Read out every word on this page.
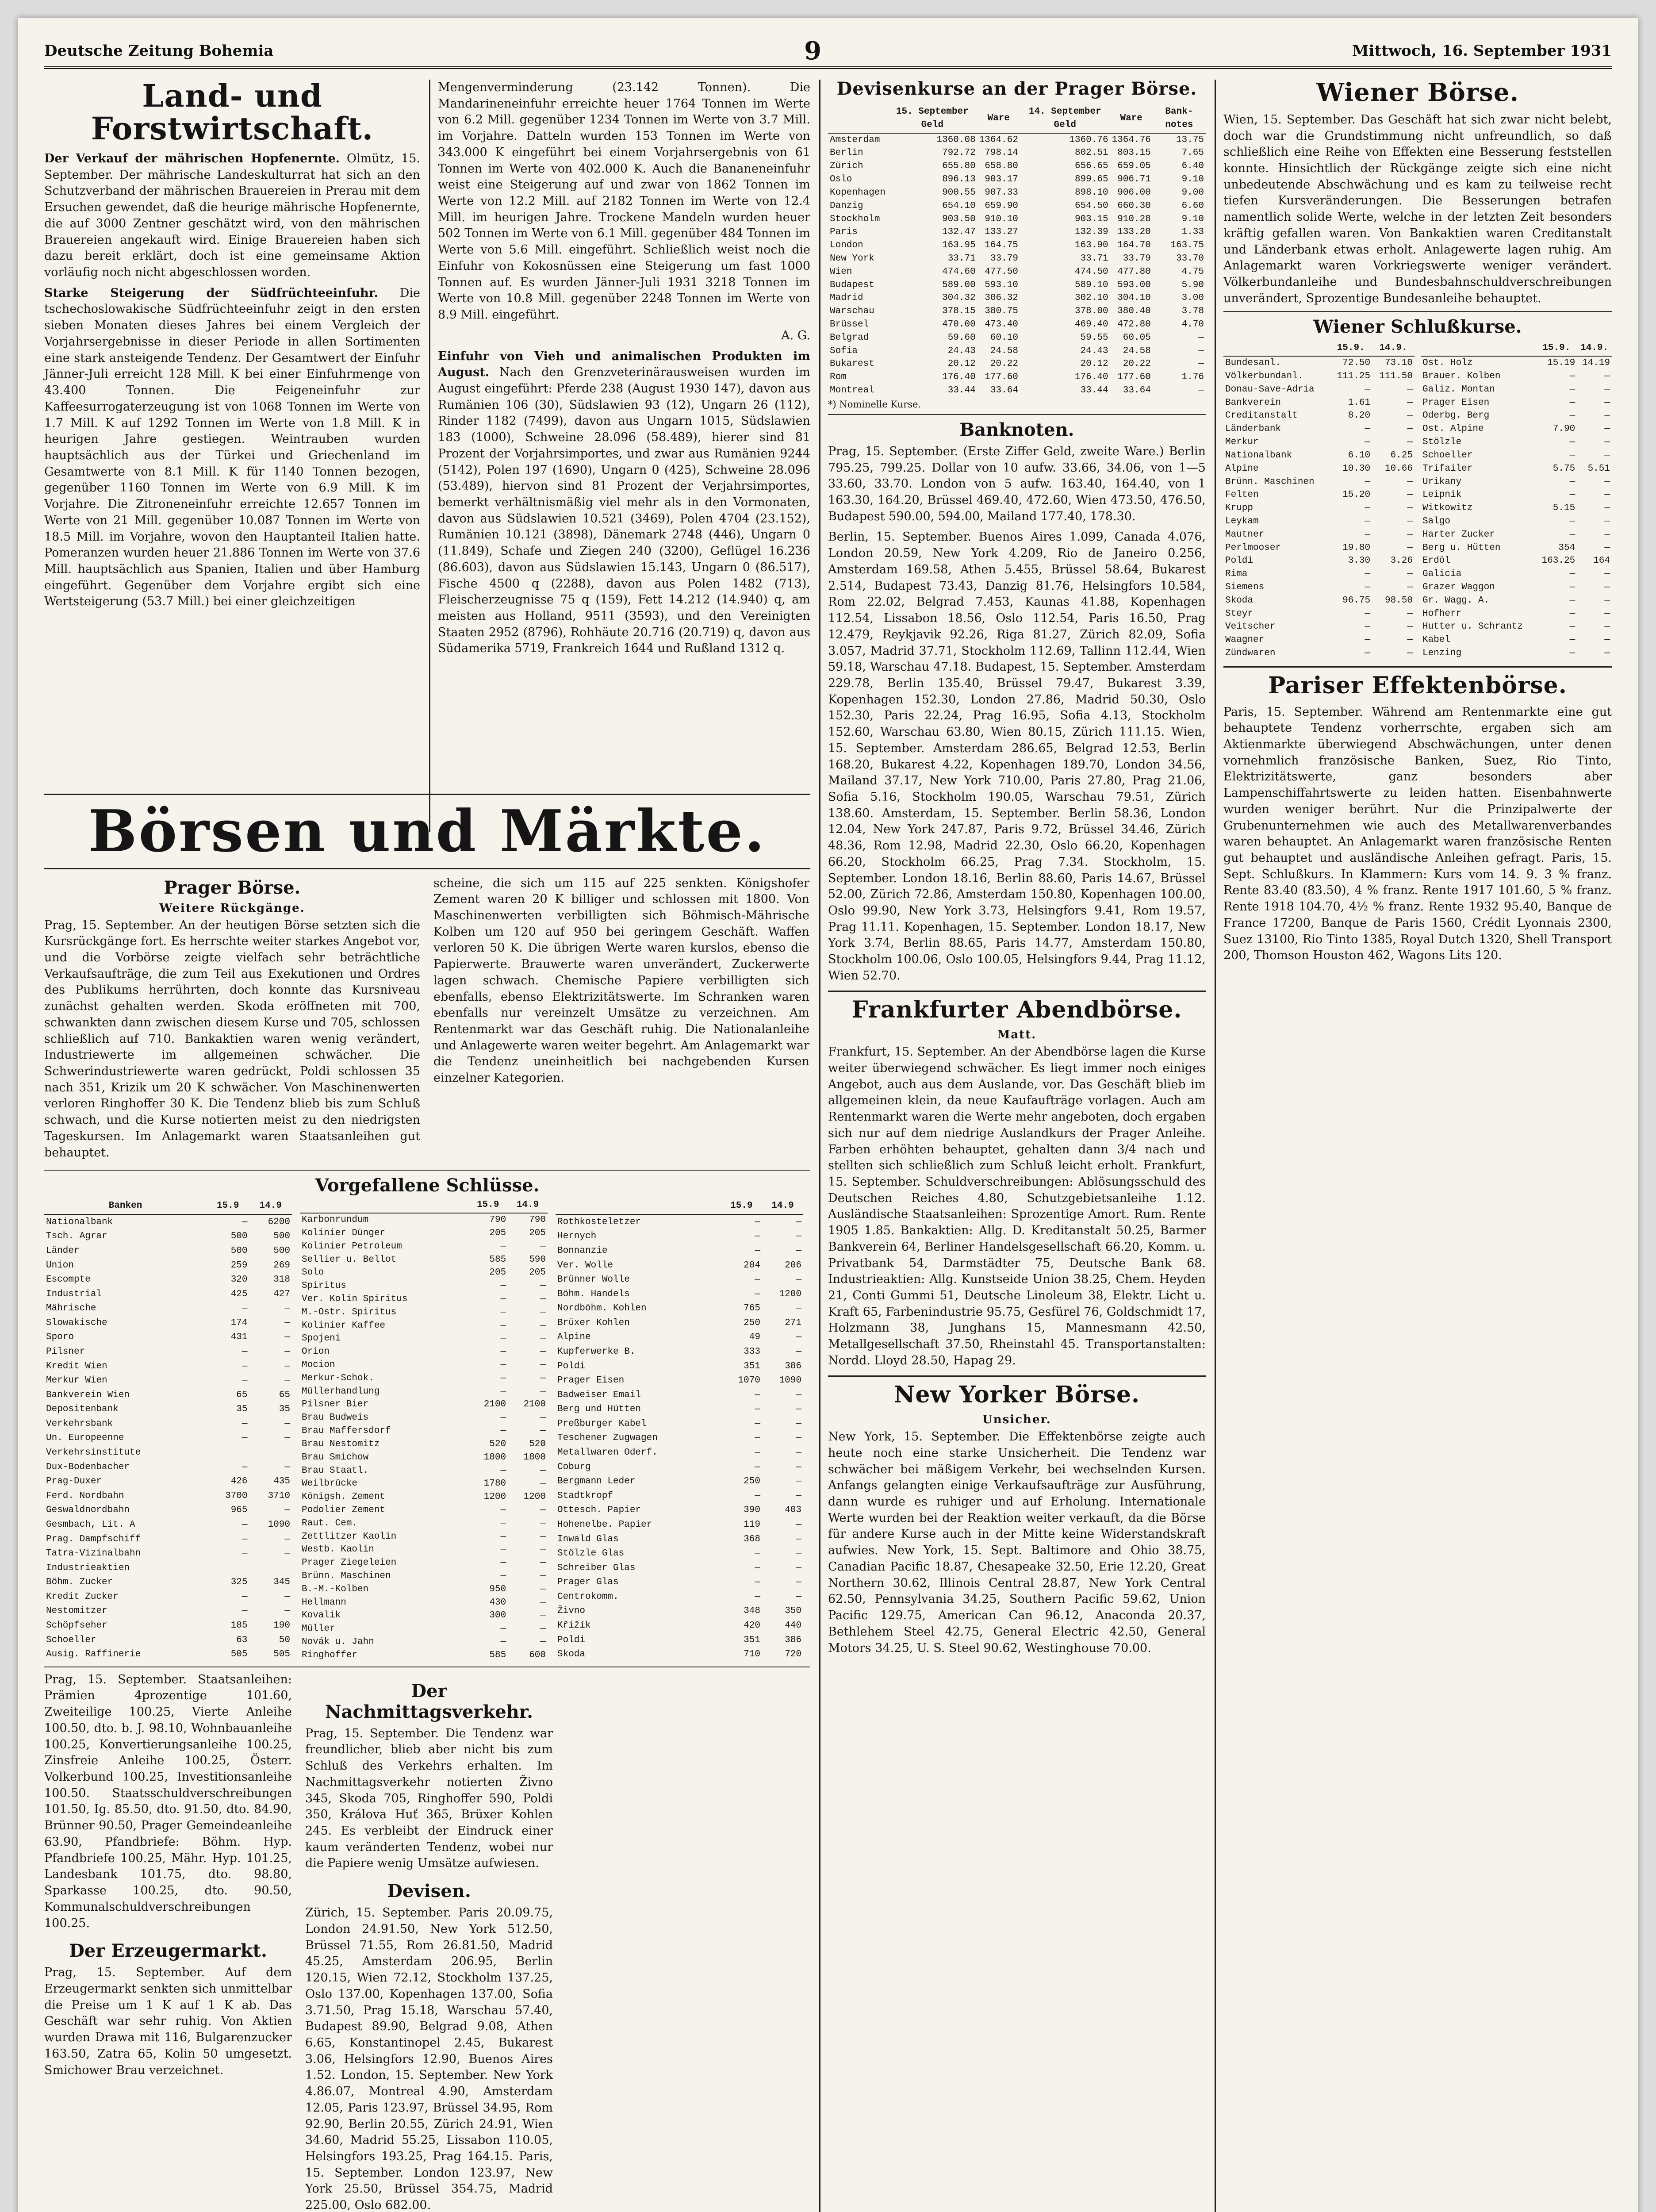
Deutsche Zeitung Bohemia	9	Mittwoch, 16. September 1931
Land- und Forstwirtschaft.

Der Verkauf der mährischen Hopfenernte. Olmütz, 15. September. Der mährische Landeskulturrat hat sich an den Schutzverband der mährischen Brauereien in Prerau mit dem Ersuchen gewendet, daß die heurige mährische Hopfenernte, die auf 3000 Zentner geschätzt wird, von den mährischen Brauereien angekauft wird. Einige Brauereien haben sich dazu bereit erklärt, doch ist eine gemeinsame Aktion vorläufig noch nicht abgeschlossen worden.

Starke Steigerung der Südfrüchteeinfuhr. Die tschechoslowakische Südfrüchteeinfuhr zeigt in den ersten sieben Monaten dieses Jahres bei einem Vergleich der Vorjahrsergebnisse in dieser Periode in allen Sortimenten eine stark ansteigende Tendenz. Der Gesamtwert der Einfuhr Jänner-Juli erreicht 128 Mill. K bei einer Einfuhrmenge von 43.400 Tonnen. Die Feigeneinfuhr zur Kaffeesurrogaterzeugung ist von 1068 Tonnen im Werte von 1.7 Mill. K auf 1292 Tonnen im Werte von 1.8 Mill. K in heurigen Jahre gestiegen. Weintrauben wurden hauptsächlich aus der Türkei und Griechenland im Gesamtwerte von 8.1 Mill. K für 1140 Tonnen bezogen, gegenüber 1160 Tonnen im Werte von 6.9 Mill. K im Vorjahre. Die Zitroneneinfuhr erreichte 12.657 Tonnen im Werte von 21 Mill. gegenüber 10.087 Tonnen im Werte von 18.5 Mill. im Vorjahre, wovon den Hauptanteil Italien hatte. Pomeranzen wurden heuer 21.886 Tonnen im Werte von 37.6 Mill. hauptsächlich aus Spanien, Italien und über Hamburg eingeführt. Gegenüber dem Vorjahre ergibt sich eine Wertsteigerung (53.7 Mill.) bei einer gleichzeitigen

Mengenverminderung (23.142 Tonnen). Die Mandarineneinfuhr erreichte heuer 1764 Tonnen im Werte von 6.2 Mill. gegenüber 1234 Tonnen im Werte von 3.7 Mill. im Vorjahre. Datteln wurden 153 Tonnen im Werte von 343.000 K eingeführt bei einem Vorjahrsergebnis von 61 Tonnen im Werte von 402.000 K. Auch die Bananeneinfuhr weist eine Steigerung auf und zwar von 1862 Tonnen im Werte von 12.2 Mill. auf 2182 Tonnen im Werte von 12.4 Mill. im heurigen Jahre. Trockene Mandeln wurden heuer 502 Tonnen im Werte von 6.1 Mill. gegenüber 484 Tonnen im Werte von 5.6 Mill. eingeführt. Schließlich weist noch die Einfuhr von Kokosnüssen eine Steigerung um fast 1000 Tonnen auf. Es wurden Jänner-Juli 1931 3218 Tonnen im Werte von 10.8 Mill. gegenüber 2248 Tonnen im Werte von 8.9 Mill. eingeführt.

A. G.

Einfuhr von Vieh und animalischen Produkten im August. Nach den Grenzveterinärausweisen wurden im August eingeführt: Pferde 238 (August 1930 147), davon aus Rumänien 106 (30), Südslawien 93 (12), Ungarn 26 (112), Rinder 1182 (7499), davon aus Ungarn 1015, Südslawien 183 (1000), Schweine 28.096 (58.489), hierer sind 81 Prozent der Vorjahrsimportes, und zwar aus Rumänien 9244 (5142), Polen 197 (1690), Ungarn 0 (425), Schweine 28.096 (53.489), hiervon sind 81 Prozent der Verjahrsimportes, bemerkt verhältnismäßig viel mehr als in den Vormonaten, davon aus Südslawien 10.521 (3469), Polen 4704 (23.152), Rumänien 10.121 (3898), Dänemark 2748 (446), Ungarn 0 (11.849), Schafe und Ziegen 240 (3200), Geflügel 16.236 (86.603), davon aus Südslawien 15.143, Ungarn 0 (86.517), Fische 4500 q (2288), davon aus Polen 1482 (713), Fleischerzeugnisse 75 q (159), Fett 14.212 (14.940) q, am meisten aus Holland, 9511 (3593), und den Vereinigten Staaten 2952 (8796), Rohhäute 20.716 (20.719) q, davon aus Südamerika 5719, Frankreich 1644 und Rußland 1312 q.

Börsen und Märkte.
Prager Börse.
Weitere Rückgänge.

Prag, 15. September. An der heutigen Börse setzten sich die Kursrückgänge fort. Es herrschte weiter starkes Angebot vor, und die Vorbörse zeigte vielfach sehr beträchtliche Verkaufsaufträge, die zum Teil aus Exekutionen und Ordres des Publikums herrührten, doch konnte das Kursniveau zunächst gehalten werden. Skoda eröffneten mit 700, schwankten dann zwischen diesem Kurse und 705, schlossen schließlich auf 710. Bankaktien waren wenig verändert, Industriewerte im allgemeinen schwächer. Die Schwerindustriewerte waren gedrückt, Poldi schlossen 35 nach 351, Krizik um 20 K schwächer. Von Maschinenwerten verloren Ringhoffer 30 K. Die Tendenz blieb bis zum Schluß schwach, und die Kurse notierten meist zu den niedrigsten Tageskursen. Im Anlagemarkt waren Staatsanleihen gut behauptet.

scheine, die sich um 115 auf 225 senkten. Königshofer Zement waren 20 K billiger und schlossen mit 1800. Von Maschinenwerten verbilligten sich Böhmisch-Mährische Kolben um 120 auf 950 bei geringem Geschäft. Waffen verloren 50 K. Die übrigen Werte waren kurslos, ebenso die Papierwerte. Brauwerte waren unverändert, Zuckerwerte lagen schwach. Chemische Papiere verbilligten sich ebenfalls, ebenso Elektrizitätswerte. Im Schranken waren ebenfalls nur vereinzelt Umsätze zu verzeichnen. Am Rentenmarkt war das Geschäft ruhig. Die Nationalanleihe und Anlagewerte waren weiter begehrt. Am Anlagemarkt war die Tendenz uneinheitlich bei nachgebenden Kursen einzelner Kategorien.

Vorgefallene Schlüsse.
Banken	15.9	14.9
Nationalbank	—	6200
Tsch. Agrar	500	500
Länder	500	500
Union	259	269
Escompte	320	318
Industrial	425	427
Mährische	—	—
Slowakische	174	—
Sporo	431	—
Pilsner	—	—
Kredit Wien	—	—
Merkur Wien	—	—
Bankverein Wien	65	65
Depositenbank	35	35
Verkehrsbank	—	—
Un. Europeenne	—	—
Verkehrsinstitute		
Dux-Bodenbacher	—	—
Prag-Duxer	426	435
Ferd. Nordbahn	3700	3710
Geswaldnordbahn	965	—
Gesmbach, Lit. A	—	1090
Prag. Dampfschiff	—	—
Tatra-Vizinalbahn	—	—
Industrieaktien		
Böhm. Zucker	325	345
Kredit Zucker	—	—
Nestomitzer	—	—
Schöpfseher	185	190
Schoeller	63	50
Ausig. Raffinerie	505	505
	15.9	14.9
Karbonrundum	790	790
Kolinier Dünger	205	205
Kolinier Petroleum	—	—
Sellier u. Bellot	585	590
Solo	205	205
Spiritus	—	—
Ver. Kolin Spiritus	—	—
M.-Ostr. Spiritus	—	—
Kolinier Kaffee	—	—
Spojeni	—	—
Orion	—	—
Mocion	—	—
Merkur-Schok.	—	—
Müllerhandlung	—	—
Pilsner Bier	2100	2100
Brau Budweis	—	—
Brau Maffersdorf	—	—
Brau Nestomitz	520	520
Brau Smichow	1800	1800
Brau Staatl.	—	—
Weilbrücke	1780	—
Königsh. Zement	1200	1200
Podolier Zement	—	—
Raut. Cem.	—	—
Zettlitzer Kaolin	—	—
Westb. Kaolin	—	—
Prager Ziegeleien	—	—
Brünn. Maschinen	—	—
B.-M.-Kolben	950	—
Hellmann	430	—
Kovalik	300	—
Müller	—	—
Novák u. Jahn	—	—
Ringhoffer	585	600
	15.9	14.9
Rothkosteletzer	—	—
Hernych	—	—
Bonnanzie	—	—
Ver. Wolle	204	206
Brünner Wolle	—	—
Böhm. Handels	—	1200
Nordböhm. Kohlen	765	—
Brüxer Kohlen	250	271
Alpine	49	—
Kupferwerke B.	333	—
Poldi	351	386
Prager Eisen	1070	1090
Badweiser Email	—	—
Berg und Hütten	—	—
Preßburger Kabel	—	—
Teschener Zugwagen	—	—
Metallwaren Oderf.	—	—
Coburg	—	—
Bergmann Leder	250	—
Stadtkropf	—	—
Ottesch. Papier	390	403
Hohenelbe. Papier	119	—
Inwald Glas	368	—
Stölzle Glas	—	—
Schreiber Glas	—	—
Prager Glas	—	—
Centrokomm.	—	—
Živno	348	350
Křižík	420	440
Poldi	351	386
Skoda	710	720

Prag, 15. September. Staatsanleihen: Prämien 4prozentige 101.60, Zweiteilige 100.25, Vierte Anleihe 100.50, dto. b. J. 98.10, Wohnbauanleihe 100.25, Konvertierungsanleihe 100.25, Zinsfreie Anleihe 100.25, Österr. Volkerbund 100.25, Investitionsanleihe 100.50. Staatsschuldverschreibungen 101.50, Ig. 85.50, dto. 91.50, dto. 84.90, Brünner 90.50, Prager Gemeindeanleihe 63.90, Pfandbriefe: Böhm. Hyp. Pfandbriefe 100.25, Mähr. Hyp. 101.25, Landesbank 101.75, dto. 98.80, Sparkasse 100.25, dto. 90.50, Kommunalschuldverschreibungen 100.25.

Der Erzeugermarkt.

Prag, 15. September. Auf dem Erzeugermarkt senkten sich unmittelbar die Preise um 1 K auf 1 K ab. Das Geschäft war sehr ruhig. Von Aktien wurden Drawa mit 116, Bulgarenzucker 163.50, Zatra 65, Kolin 50 umgesetzt. Smichower Brau verzeichnet.

Der Nachmittagsverkehr.

Prag, 15. September. Die Tendenz war freundlicher, blieb aber nicht bis zum Schluß des Verkehrs erhalten. Im Nachmittagsverkehr notierten Živno 345, Skoda 705, Ringhoffer 590, Poldi 350, Králova Huť 365, Brüxer Kohlen 245. Es verbleibt der Eindruck einer kaum veränderten Tendenz, wobei nur die Papiere wenig Umsätze aufwiesen.

Devisen.

Zürich, 15. September. Paris 20.09.75, London 24.91.50, New York 512.50, Brüssel 71.55, Rom 26.81.50, Madrid 45.25, Amsterdam 206.95, Berlin 120.15, Wien 72.12, Stockholm 137.25, Oslo 137.00, Kopenhagen 137.00, Sofia 3.71.50, Prag 15.18, Warschau 57.40, Budapest 89.90, Belgrad 9.08, Athen 6.65, Konstantinopel 2.45, Bukarest 3.06, Helsingfors 12.90, Buenos Aires 1.52. London, 15. September. New York 4.86.07, Montreal 4.90, Amsterdam 12.05, Paris 123.97, Brüssel 34.95, Rom 92.90, Berlin 20.55, Zürich 24.91, Wien 34.60, Madrid 55.25, Lissabon 110.05, Helsingfors 193.25, Prag 164.15. Paris, 15. September. London 123.97, New York 25.50, Brüssel 354.75, Madrid 225.00, Oslo 682.00.

Devisenkurse an der Prager Börse.
	15. September Geld	Ware	14. September Geld	Ware	Bank-notes
Amsterdam	1360.08	1364.62	1360.76	1364.76	13.75
Berlin	792.72	798.14	802.51	803.15	7.65
Zürich	655.80	658.80	656.65	659.05	6.40
Oslo	896.13	903.17	899.65	906.71	9.10
Kopenhagen	900.55	907.33	898.10	906.00	9.00
Danzig	654.10	659.90	654.50	660.30	6.60
Stockholm	903.50	910.10	903.15	910.28	9.10
Paris	132.47	133.27	132.39	133.20	1.33
London	163.95	164.75	163.90	164.70	163.75
New York	33.71	33.79	33.71	33.79	33.70
Wien	474.60	477.50	474.50	477.80	4.75
Budapest	589.00	593.10	589.10	593.00	5.90
Madrid	304.32	306.32	302.10	304.10	3.00
Warschau	378.15	380.75	378.00	380.40	3.78
Brüssel	470.00	473.40	469.40	472.80	4.70
Belgrad	59.60	60.10	59.55	60.05	—
Sofia	24.43	24.58	24.43	24.58	—
Bukarest	20.12	20.22	20.12	20.22	—
Rom	176.40	177.60	176.40	177.60	1.76
Montreal	33.44	33.64	33.44	33.64	—
*) Nominelle Kurse.
Banknoten.

Prag, 15. September. (Erste Ziffer Geld, zweite Ware.) Berlin 795.25, 799.25. Dollar von 10 aufw. 33.66, 34.06, von 1—5 33.60, 33.70. London von 5 aufw. 163.40, 164.40, von 1 163.30, 164.20, Brüssel 469.40, 472.60, Wien 473.50, 476.50, Budapest 590.00, 594.00, Mailand 177.40, 178.30.

Berlin, 15. September. Buenos Aires 1.099, Canada 4.076, London 20.59, New York 4.209, Rio de Janeiro 0.256, Amsterdam 169.58, Athen 5.455, Brüssel 58.64, Bukarest 2.514, Budapest 73.43, Danzig 81.76, Helsingfors 10.584, Rom 22.02, Belgrad 7.453, Kaunas 41.88, Kopenhagen 112.54, Lissabon 18.56, Oslo 112.54, Paris 16.50, Prag 12.479, Reykjavik 92.26, Riga 81.27, Zürich 82.09, Sofia 3.057, Madrid 37.71, Stockholm 112.69, Tallinn 112.44, Wien 59.18, Warschau 47.18. Budapest, 15. September. Amsterdam 229.78, Berlin 135.40, Brüssel 79.47, Bukarest 3.39, Kopenhagen 152.30, London 27.86, Madrid 50.30, Oslo 152.30, Paris 22.24, Prag 16.95, Sofia 4.13, Stockholm 152.60, Warschau 63.80, Wien 80.15, Zürich 111.15. Wien, 15. September. Amsterdam 286.65, Belgrad 12.53, Berlin 168.20, Bukarest 4.22, Kopenhagen 189.70, London 34.56, Mailand 37.17, New York 710.00, Paris 27.80, Prag 21.06, Sofia 5.16, Stockholm 190.05, Warschau 79.51, Zürich 138.60. Amsterdam, 15. September. Berlin 58.36, London 12.04, New York 247.87, Paris 9.72, Brüssel 34.46, Zürich 48.36, Rom 12.98, Madrid 22.30, Oslo 66.20, Kopenhagen 66.20, Stockholm 66.25, Prag 7.34. Stockholm, 15. September. London 18.16, Berlin 88.60, Paris 14.67, Brüssel 52.00, Zürich 72.86, Amsterdam 150.80, Kopenhagen 100.00, Oslo 99.90, New York 3.73, Helsingfors 9.41, Rom 19.57, Prag 11.11. Kopenhagen, 15. September. London 18.17, New York 3.74, Berlin 88.65, Paris 14.77, Amsterdam 150.80, Stockholm 100.06, Oslo 100.05, Helsingfors 9.44, Prag 11.12, Wien 52.70.

Frankfurter Abendbörse.
Matt.

Frankfurt, 15. September. An der Abendbörse lagen die Kurse weiter überwiegend schwächer. Es liegt immer noch einiges Angebot, auch aus dem Auslande, vor. Das Geschäft blieb im allgemeinen klein, da neue Kaufaufträge vorlagen. Auch am Rentenmarkt waren die Werte mehr angeboten, doch ergaben sich nur auf dem niedrige Auslandkurs der Prager Anleihe. Farben erhöhten behauptet, gehalten dann 3/4 nach und stellten sich schließlich zum Schluß leicht erholt. Frankfurt, 15. September. Schuldverschreibungen: Ablösungsschuld des Deutschen Reiches 4.80, Schutzgebietsanleihe 1.12. Ausländische Staatsanleihen: Sprozentige Amort. Rum. Rente 1905 1.85. Bankaktien: Allg. D. Kreditanstalt 50.25, Barmer Bankverein 64, Berliner Handelsgesellschaft 66.20, Komm. u. Privatbank 54, Darmstädter 75, Deutsche Bank 68. Industrieaktien: Allg. Kunstseide Union 38.25, Chem. Heyden 21, Conti Gummi 51, Deutsche Linoleum 38, Elektr. Licht u. Kraft 65, Farbenindustrie 95.75, Gesfürel 76, Goldschmidt 17, Holzmann 38, Junghans 15, Mannesmann 42.50, Metallgesellschaft 37.50, Rheinstahl 45. Transportanstalten: Nordd. Lloyd 28.50, Hapag 29.

New Yorker Börse.
Unsicher.

New York, 15. September. Die Effektenbörse zeigte auch heute noch eine starke Unsicherheit. Die Tendenz war schwächer bei mäßigem Verkehr, bei wechselnden Kursen. Anfangs gelangten einige Verkaufsaufträge zur Ausführung, dann wurde es ruhiger und auf Erholung. Internationale Werte wurden bei der Reaktion weiter verkauft, da die Börse für andere Kurse auch in der Mitte keine Widerstandskraft aufwies. New York, 15. Sept. Baltimore and Ohio 38.75, Canadian Pacific 18.87, Chesapeake 32.50, Erie 12.20, Great Northern 30.62, Illinois Central 28.87, New York Central 62.50, Pennsylvania 34.25, Southern Pacific 59.62, Union Pacific 129.75, American Can 96.12, Anaconda 20.37, Bethlehem Steel 42.75, General Electric 42.50, General Motors 34.25, U. S. Steel 90.62, Westinghouse 70.00.

Wiener Börse.

Wien, 15. September. Das Geschäft hat sich zwar nicht belebt, doch war die Grundstimmung nicht unfreundlich, so daß schließlich eine Reihe von Effekten eine Besserung feststellen konnte. Hinsichtlich der Rückgänge zeigte sich eine nicht unbedeutende Abschwächung und es kam zu teilweise recht tiefen Kursveränderungen. Die Besserungen betrafen namentlich solide Werte, welche in der letzten Zeit besonders kräftig gefallen waren. Von Bankaktien waren Creditanstalt und Länderbank etwas erholt. Anlagewerte lagen ruhig. Am Anlagemarkt waren Vorkriegswerte weniger verändert. Völkerbundanleihe und Bundesbahnschuldverschreibungen unverändert, Sprozentige Bundesanleihe behauptet.

Wiener Schlußkurse.
	15.9.	14.9.
Bundesanl.	72.50	73.10
Völkerbundanl.	111.25	111.50
Donau-Save-Adria	—	—
Bankverein	1.61	—
Creditanstalt	8.20	—
Länderbank	—	—
Merkur	—	—
Nationalbank	6.10	6.25
Alpine	10.30	10.66
Brünn. Maschinen	—	—
Felten	15.20	—
Krupp	—	—
Leykam	—	—
Mautner	—	—
Perlmooser	19.80	—
Poldi	3.30	3.26
Rima	—	—
Siemens	—	—
Skoda	96.75	98.50
Steyr	—	—
Veitscher	—	—
Waagner	—	—
Zündwaren	—	—
	15.9.	14.9.
Ost. Holz	15.19	14.19
Brauer. Kolben	—	—
Galiz. Montan	—	—
Prager Eisen	—	—
Oderbg. Berg	—	—
Ost. Alpine	7.90	—
Stölzle	—	—
Schoeller	—	—
Trifailer	5.75	5.51
Urikany	—	—
Leipnik	—	—
Witkowitz	5.15	—
Salgo	—	—
Harter Zucker	—	—
Berg u. Hütten	354	—
Erdöl	163.25	164
Galicia	—	—
Grazer Waggon	—	—
Gr. Wagg. A.	—	—
Hofherr	—	—
Hutter u. Schrantz	—	—
Kabel	—	—
Lenzing	—	—
Pariser Effektenbörse.

Paris, 15. September. Während am Rentenmarkte eine gut behauptete Tendenz vorherrschte, ergaben sich am Aktienmarkte überwiegend Abschwächungen, unter denen vornehmlich französische Banken, Suez, Rio Tinto, Elektrizitätswerte, ganz besonders aber Lampenschiffahrtswerte zu leiden hatten. Eisenbahnwerte wurden weniger berührt. Nur die Prinzipalwerte der Grubenunternehmen wie auch des Metallwarenverbandes waren behauptet. An Anlagemarkt waren französische Renten gut behauptet und ausländische Anleihen gefragt. Paris, 15. Sept. Schlußkurs. In Klammern: Kurs vom 14. 9. 3 % franz. Rente 83.40 (83.50), 4 % franz. Rente 1917 101.60, 5 % franz. Rente 1918 104.70, 4½ % franz. Rente 1932 95.40, Banque de France 17200, Banque de Paris 1560, Crédit Lyonnais 2300, Suez 13100, Rio Tinto 1385, Royal Dutch 1320, Shell Transport 200, Thomson Houston 462, Wagons Lits 120.
